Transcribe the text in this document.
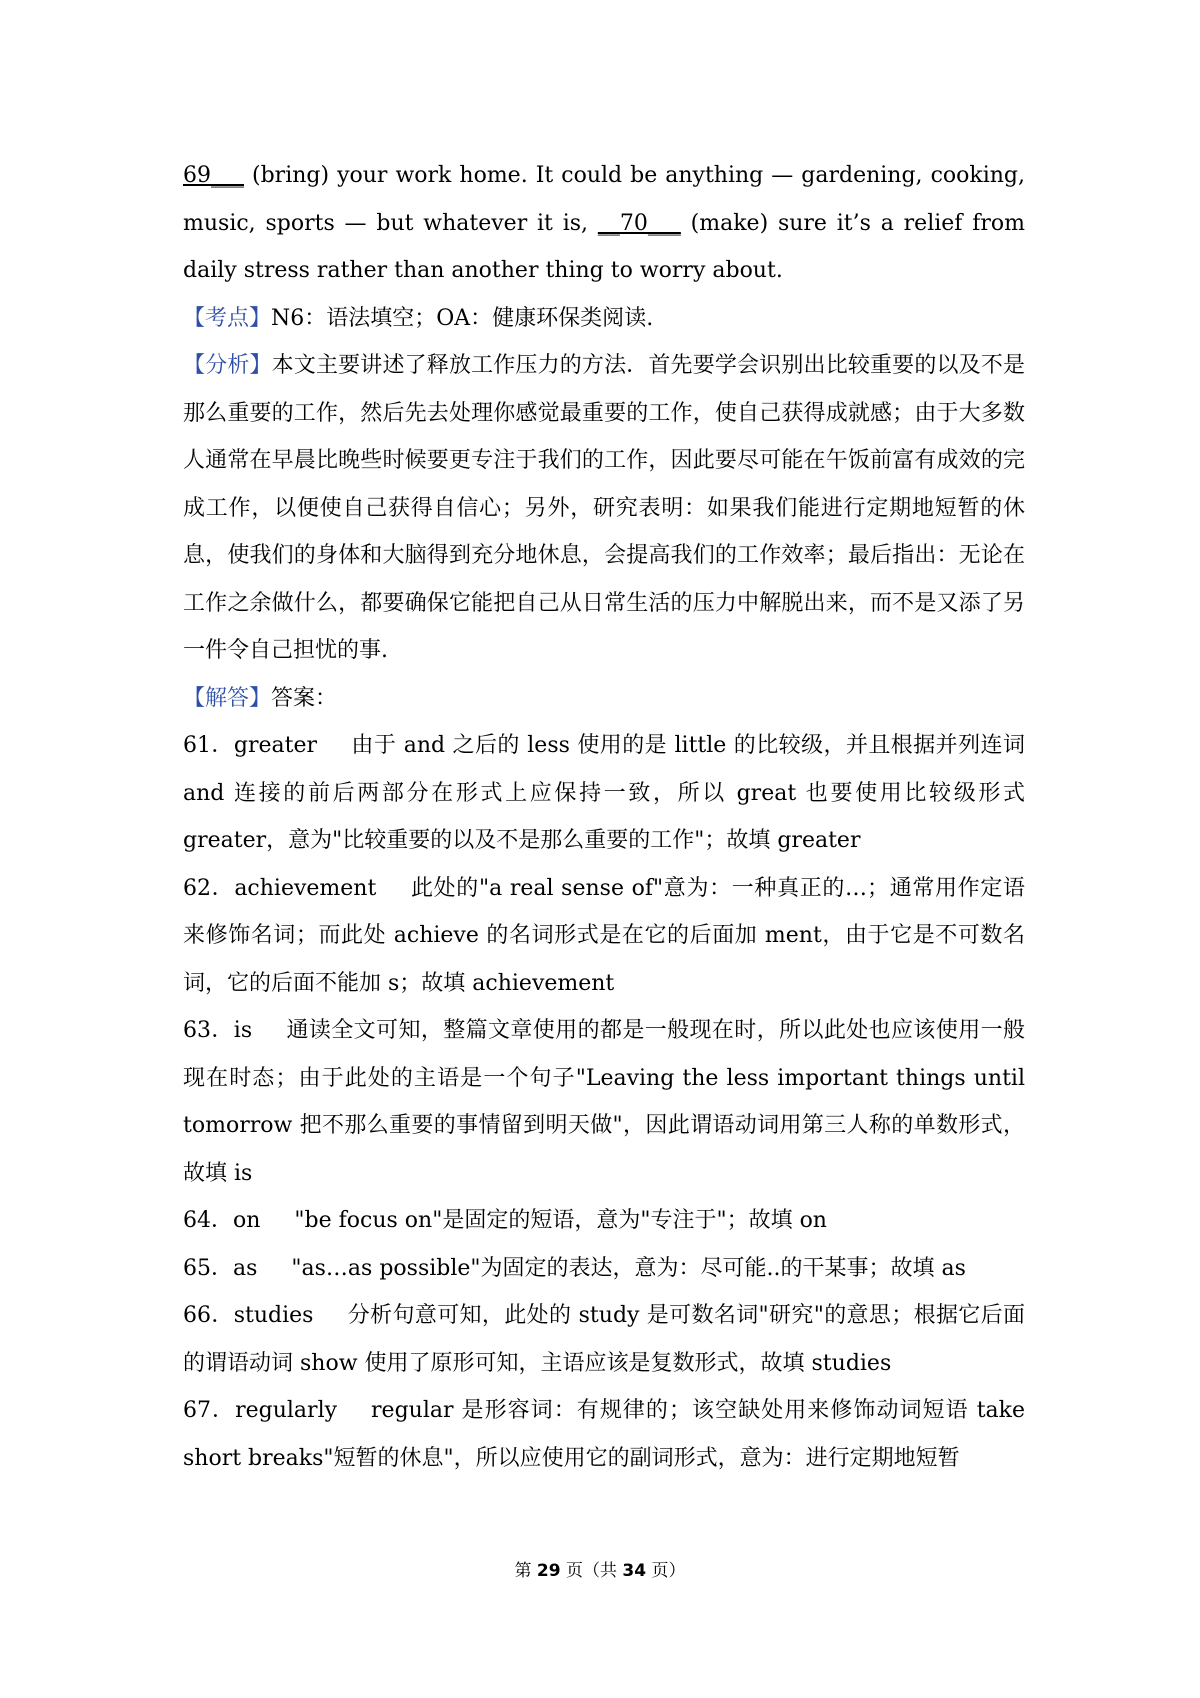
69___ (bring) your work home. It could be anything — gardening, cooking, music, sports — but whatever it is, __70___ (make) sure it’s a relief from daily stress rather than another thing to worry about.

【考点】N6：语法填空；OA：健康环保类阅读.

【分析】本文主要讲述了释放工作压力的方法．首先要学会识别出比较重要的以及不是那么重要的工作，然后先去处理你感觉最重要的工作，使自己获得成就感；由于大多数人通常在早晨比晚些时候要更专注于我们的工作，因此要尽可能在午饭前富有成效的完成工作，以便使自己获得自信心；另外，研究表明：如果我们能进行定期地短暂的休息，使我们的身体和大脑得到充分地休息，会提高我们的工作效率；最后指出：无论在工作之余做什么，都要确保它能把自己从日常生活的压力中解脱出来，而不是又添了另一件令自己担忧的事.

【解答】答案：

61．greater 由于 and 之后的 less 使用的是 little 的比较级，并且根据并列连词 and 连接的前后两部分在形式上应保持一致，所以 great 也要使用比较级形式 greater，意为"比较重要的以及不是那么重要的工作"；故填 greater

62．achievement 此处的"a real sense of"意为：一种真正的…；通常用作定语来修饰名词；而此处 achieve 的名词形式是在它的后面加 ment，由于它是不可数名词，它的后面不能加 s；故填 achievement

63．is 通读全文可知，整篇文章使用的都是一般现在时，所以此处也应该使用一般现在时态；由于此处的主语是一个句子"Leaving the less important things until tomorrow 把不那么重要的事情留到明天做"，因此谓语动词用第三人称的单数形式，故填 is

64．on "be focus on"是固定的短语，意为"专注于"；故填 on

65．as "as…as possible"为固定的表达，意为：尽可能..的干某事；故填 as

66．studies 分析句意可知，此处的 study 是可数名词"研究"的意思；根据它后面的谓语动词 show 使用了原形可知，主语应该是复数形式，故填 studies

67．regularly regular 是形容词：有规律的；该空缺处用来修饰动词短语 take short breaks"短暂的休息"，所以应使用它的副词形式，意为：进行定期地短暂

第 29 页（共 34 页）
